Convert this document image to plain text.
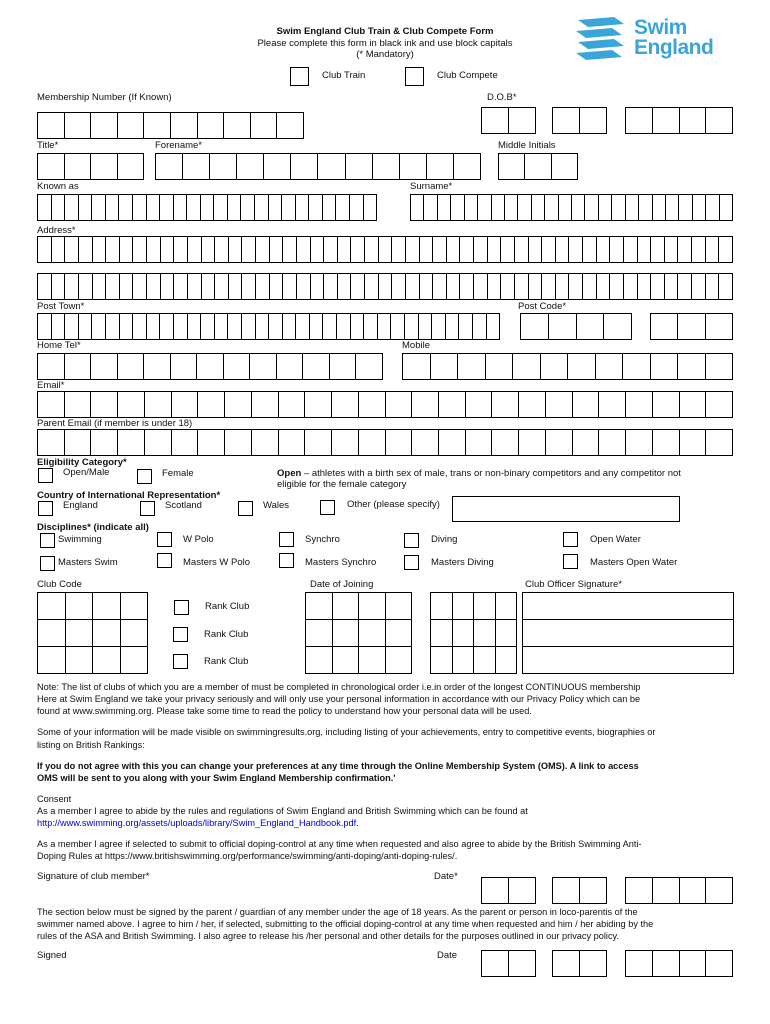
Swim England Club Train & Club Compete Form
Please complete this form in black ink and use block capitals
(* Mandatory)
Swim
England
Club Train	Club Compete
Membership Number (If Known)	D.O.B*
Title*	Forename*	Middle Initials
Known as	Surname*
Address*
Post Town*	Post Code*
Home Tel*	Mobile
Email*
Parent Email (if member is under 18)
Eligibility Category*
Open/Male	Female	Open – athletes with a birth sex of male, trans or non-binary competitors and any competitor not
eligible for the female category
Country of International Representation*
England	Scotland	Wales	Other (please specify)
Disciplines* (indicate all)
Swimming	W Polo	Synchro	Diving	Open Water
Masters Swim	Masters W Polo	Masters Synchro	Masters Diving	Masters Open Water
Club Code	Date of Joining	Club Officer Signature*
Rank Club
Rank Club
Rank Club
Note: The list of clubs of which you are a member of must be completed in chronological order i.e.in order of the longest CONTINUOUS membership
Here at Swim England we take your privacy seriously and will only use your personal information in accordance with our Privacy Policy which can be
found at www.swimming.org. Please take some time to read the policy to understand how your personal data will be used.
Some of your information will be made visible on swimmingresults.org, including listing of your achievements, entry to competitive events, biographies or
listing on British Rankings:
If you do not agree with this you can change your preferences at any time through the Online Membership System (OMS). A link to access
OMS will be sent to you along with your Swim England Membership confirmation.'
Consent
As a member I agree to abide by the rules and regulations of Swim England and British Swimming which can be found at
http://www.swimming.org/assets/uploads/library/Swim_England_Handbook.pdf.
As a member I agree if selected to submit to official doping-control at any time when requested and also agree to abide by the British Swimming Anti-
Doping Rules at https://www.britishswimming.org/performance/swimming/anti-doping/anti-doping-rules/.
Signature of club member*	Date*
The section below must be signed by the parent / guardian of any member under the age of 18 years. As the parent or person in loco-parentis of the
swimmer named above. I agree to him / her, if selected, submitting to the official doping-control at any time when requested and him / her abiding by the
rules of the ASA and British Swimming. I also agree to release his /her personal and other details for the purposes outlined in our privacy policy.
Signed	Date
